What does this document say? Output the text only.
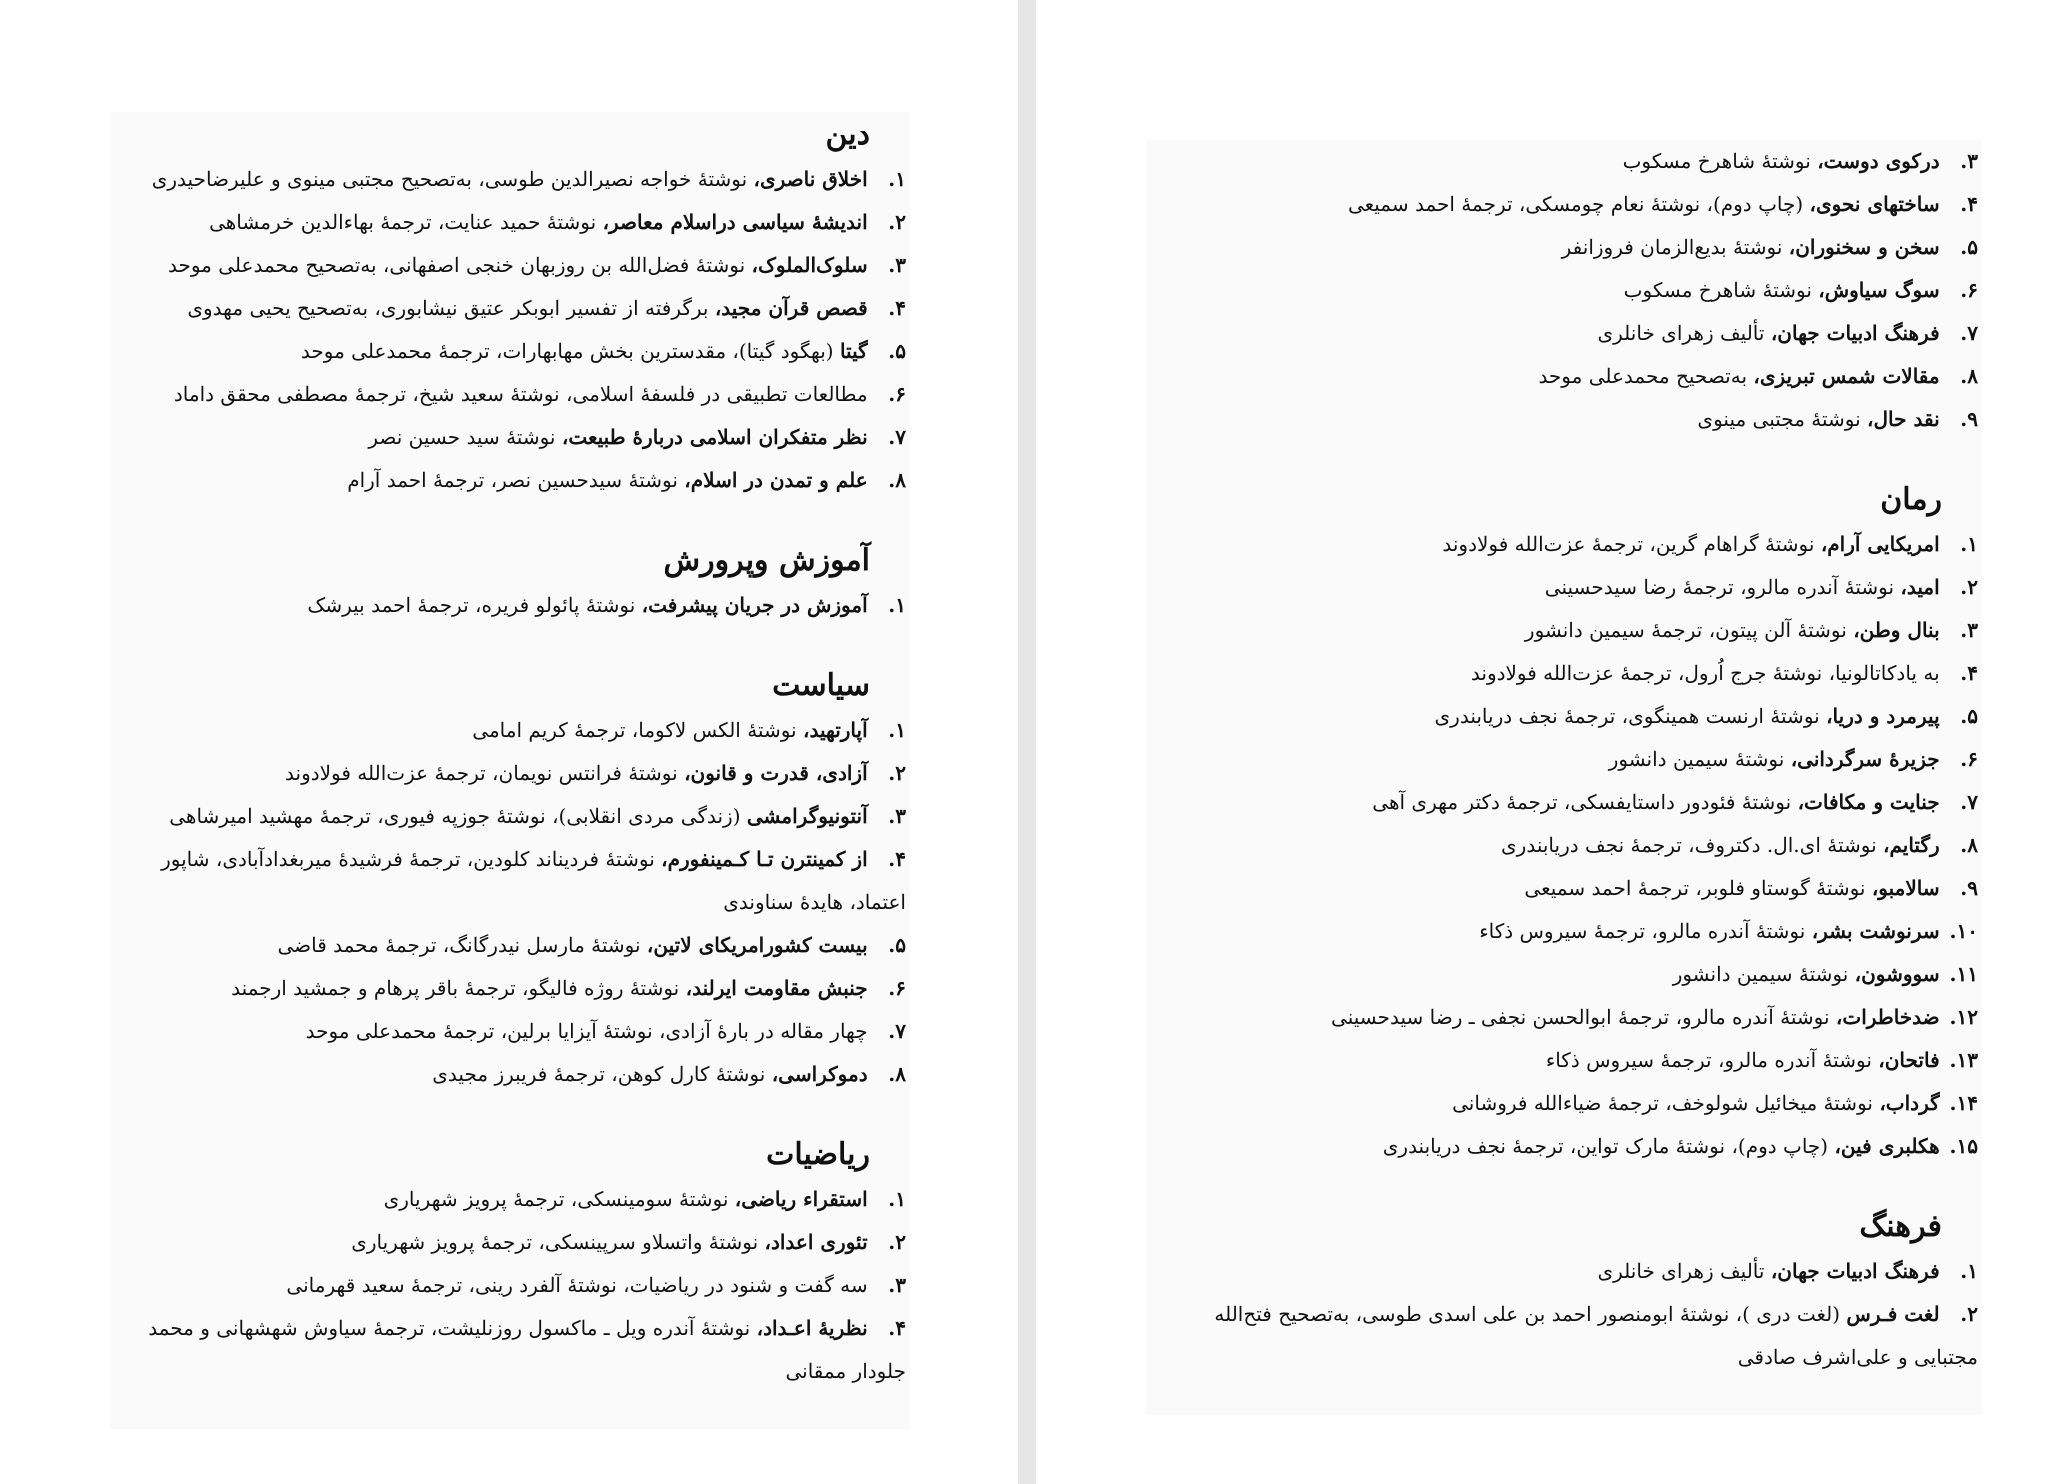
دین
۱. اخلاق ناصری، نوشتهٔ خواجه نصیرالدین طوسی، به‌تصحیح مجتبی مینوی و علیرضاحیدری
۲. اندیشهٔ سیاسی دراسلام معاصر، نوشتهٔ حمید عنایت، ترجمهٔ بهاءالدین خرمشاهی
۳. سلوک‌الملوک، نوشتهٔ فضل‌الله بن روزبهان خنجی اصفهانی، به‌تصحیح محمدعلی موحد
۴. قصص قرآن مجید، برگرفته از تفسیر ابوبکر عتیق نیشابوری، به‌تصحیح یحیی مهدوی
۵. گیتا (بهگود گیتا)، مقدسترین بخش مهابهارات، ترجمهٔ محمدعلی موحد
۶. مطالعات تطبیقی در فلسفهٔ اسلامی، نوشتهٔ سعید شیخ، ترجمهٔ مصطفی محقق داماد
۷. نظر متفکران اسلامی دربارهٔ طبیعت، نوشتهٔ سید حسین نصر
۸. علم و تمدن در اسلام، نوشتهٔ سیدحسین نصر، ترجمهٔ احمد آرام
آموزش وپرورش
۱. آموزش در جریان پیشرفت، نوشتهٔ پائولو فریره، ترجمهٔ احمد بیرشک
سیاست
۱. آپارتهید، نوشتهٔ الکس لاکوما، ترجمهٔ کریم امامی
۲. آزادی، قدرت و قانون، نوشتهٔ فرانتس نویمان، ترجمهٔ عزت‌الله فولادوند
۳. آنتونیوگرامشی (زندگی مردی انقلابی)، نوشتهٔ جوزپه فیوری، ترجمهٔ مهشید امیرشاهی
۴. از کمینترن تـا کـمینفورم، نوشتهٔ فردیناند کلودین، ترجمهٔ فرشیدهٔ میربغدادآبادی، شاپور اعتماد، هایدهٔ سناوندی
۵. بیست کشورامریکای لاتین، نوشتهٔ مارسل نیدرگانگ، ترجمهٔ محمد قاضی
۶. جنبش مقاومت ایرلند، نوشتهٔ روژه فالیگو، ترجمهٔ باقر پرهام و جمشید ارجمند
۷. چهار مقاله در بارهٔ آزادی، نوشتهٔ آیزایا برلین، ترجمهٔ محمدعلی موحد
۸. دموکراسی، نوشتهٔ کارل کوهن، ترجمهٔ فریبرز مجیدی
ریاضیات
۱. استقراء ریاضی، نوشتهٔ سومینسکی، ترجمهٔ پرویز شهریاری
۲. تئوری اعداد، نوشتهٔ واتسلاو سرپینسکی، ترجمهٔ پرویز شهریاری
۳. سه گفت و شنود در ریاضیات، نوشتهٔ آلفرد رینی، ترجمهٔ سعید قهرمانی
۴. نظریهٔ اعـداد، نوشتهٔ آندره ویل ـ ماکسول روزنلیشت، ترجمهٔ سیاوش شهشهانی و محمد جلودار ممقانی
۳. درکوی دوست، نوشتهٔ شاهرخ مسکوب
۴. ساختهای نحوی، (چاپ دوم)، نوشتهٔ نعام چومسکی، ترجمهٔ احمد سمیعی
۵. سخن و سخنوران، نوشتهٔ بدیع‌الزمان فروزانفر
۶. سوگ سیاوش، نوشتهٔ شاهرخ مسکوب
۷. فرهنگ ادبیات جهان، تألیف زهرای خانلری
۸. مقالات شمس تبریزی، به‌تصحیح محمدعلی موحد
۹. نقد حال، نوشتهٔ مجتبی مینوی
رمان
۱. امریکایی آرام، نوشتهٔ گراهام گرین، ترجمهٔ عزت‌الله فولادوند
۲. امید، نوشتهٔ آندره مالرو، ترجمهٔ رضا سیدحسینی
۳. بنال وطن، نوشتهٔ آلن پیتون، ترجمهٔ سیمین دانشور
۴. به یادکاتالونیا، نوشتهٔ جرج اُرول، ترجمهٔ عزت‌الله فولادوند
۵. پیرمرد و دریا، نوشتهٔ ارنست همینگوی، ترجمهٔ نجف دریابندری
۶. جزیرهٔ سرگردانی، نوشتهٔ سیمین دانشور
۷. جنایت و مکافات، نوشتهٔ فئودور داستایفسکی، ترجمهٔ دکتر مهری آهی
۸. رگتایم، نوشتهٔ ای.ال. دکتروف، ترجمهٔ نجف دریابندری
۹. سالامبو، نوشتهٔ گوستاو فلوبر، ترجمهٔ احمد سمیعی
۱۰. سرنوشت بشر، نوشتهٔ آندره مالرو، ترجمهٔ سیروس ذکاء
۱۱. سووشون، نوشتهٔ سیمین دانشور
۱۲. ضدخاطرات، نوشتهٔ آندره مالرو، ترجمهٔ ابوالحسن نجفی ـ رضا سیدحسینی
۱۳. فاتحان، نوشتهٔ آندره مالرو، ترجمهٔ سیروس ذکاء
۱۴. گرداب، نوشتهٔ میخائیل شولوخف، ترجمهٔ ضیاءالله فروشانی
۱۵. هکلبری فین، (چاپ دوم)، نوشتهٔ مارک تواین، ترجمهٔ نجف دریابندری
فرهنگ
۱. فرهنگ ادبیات جهان، تألیف زهرای خانلری
۲. لغت فـرس (لغت دری )، نوشتهٔ ابومنصور احمد بن علی اسدی طوسی، به‌تصحیح فتح‌الله مجتبایی و علی‌اشرف صادقی
